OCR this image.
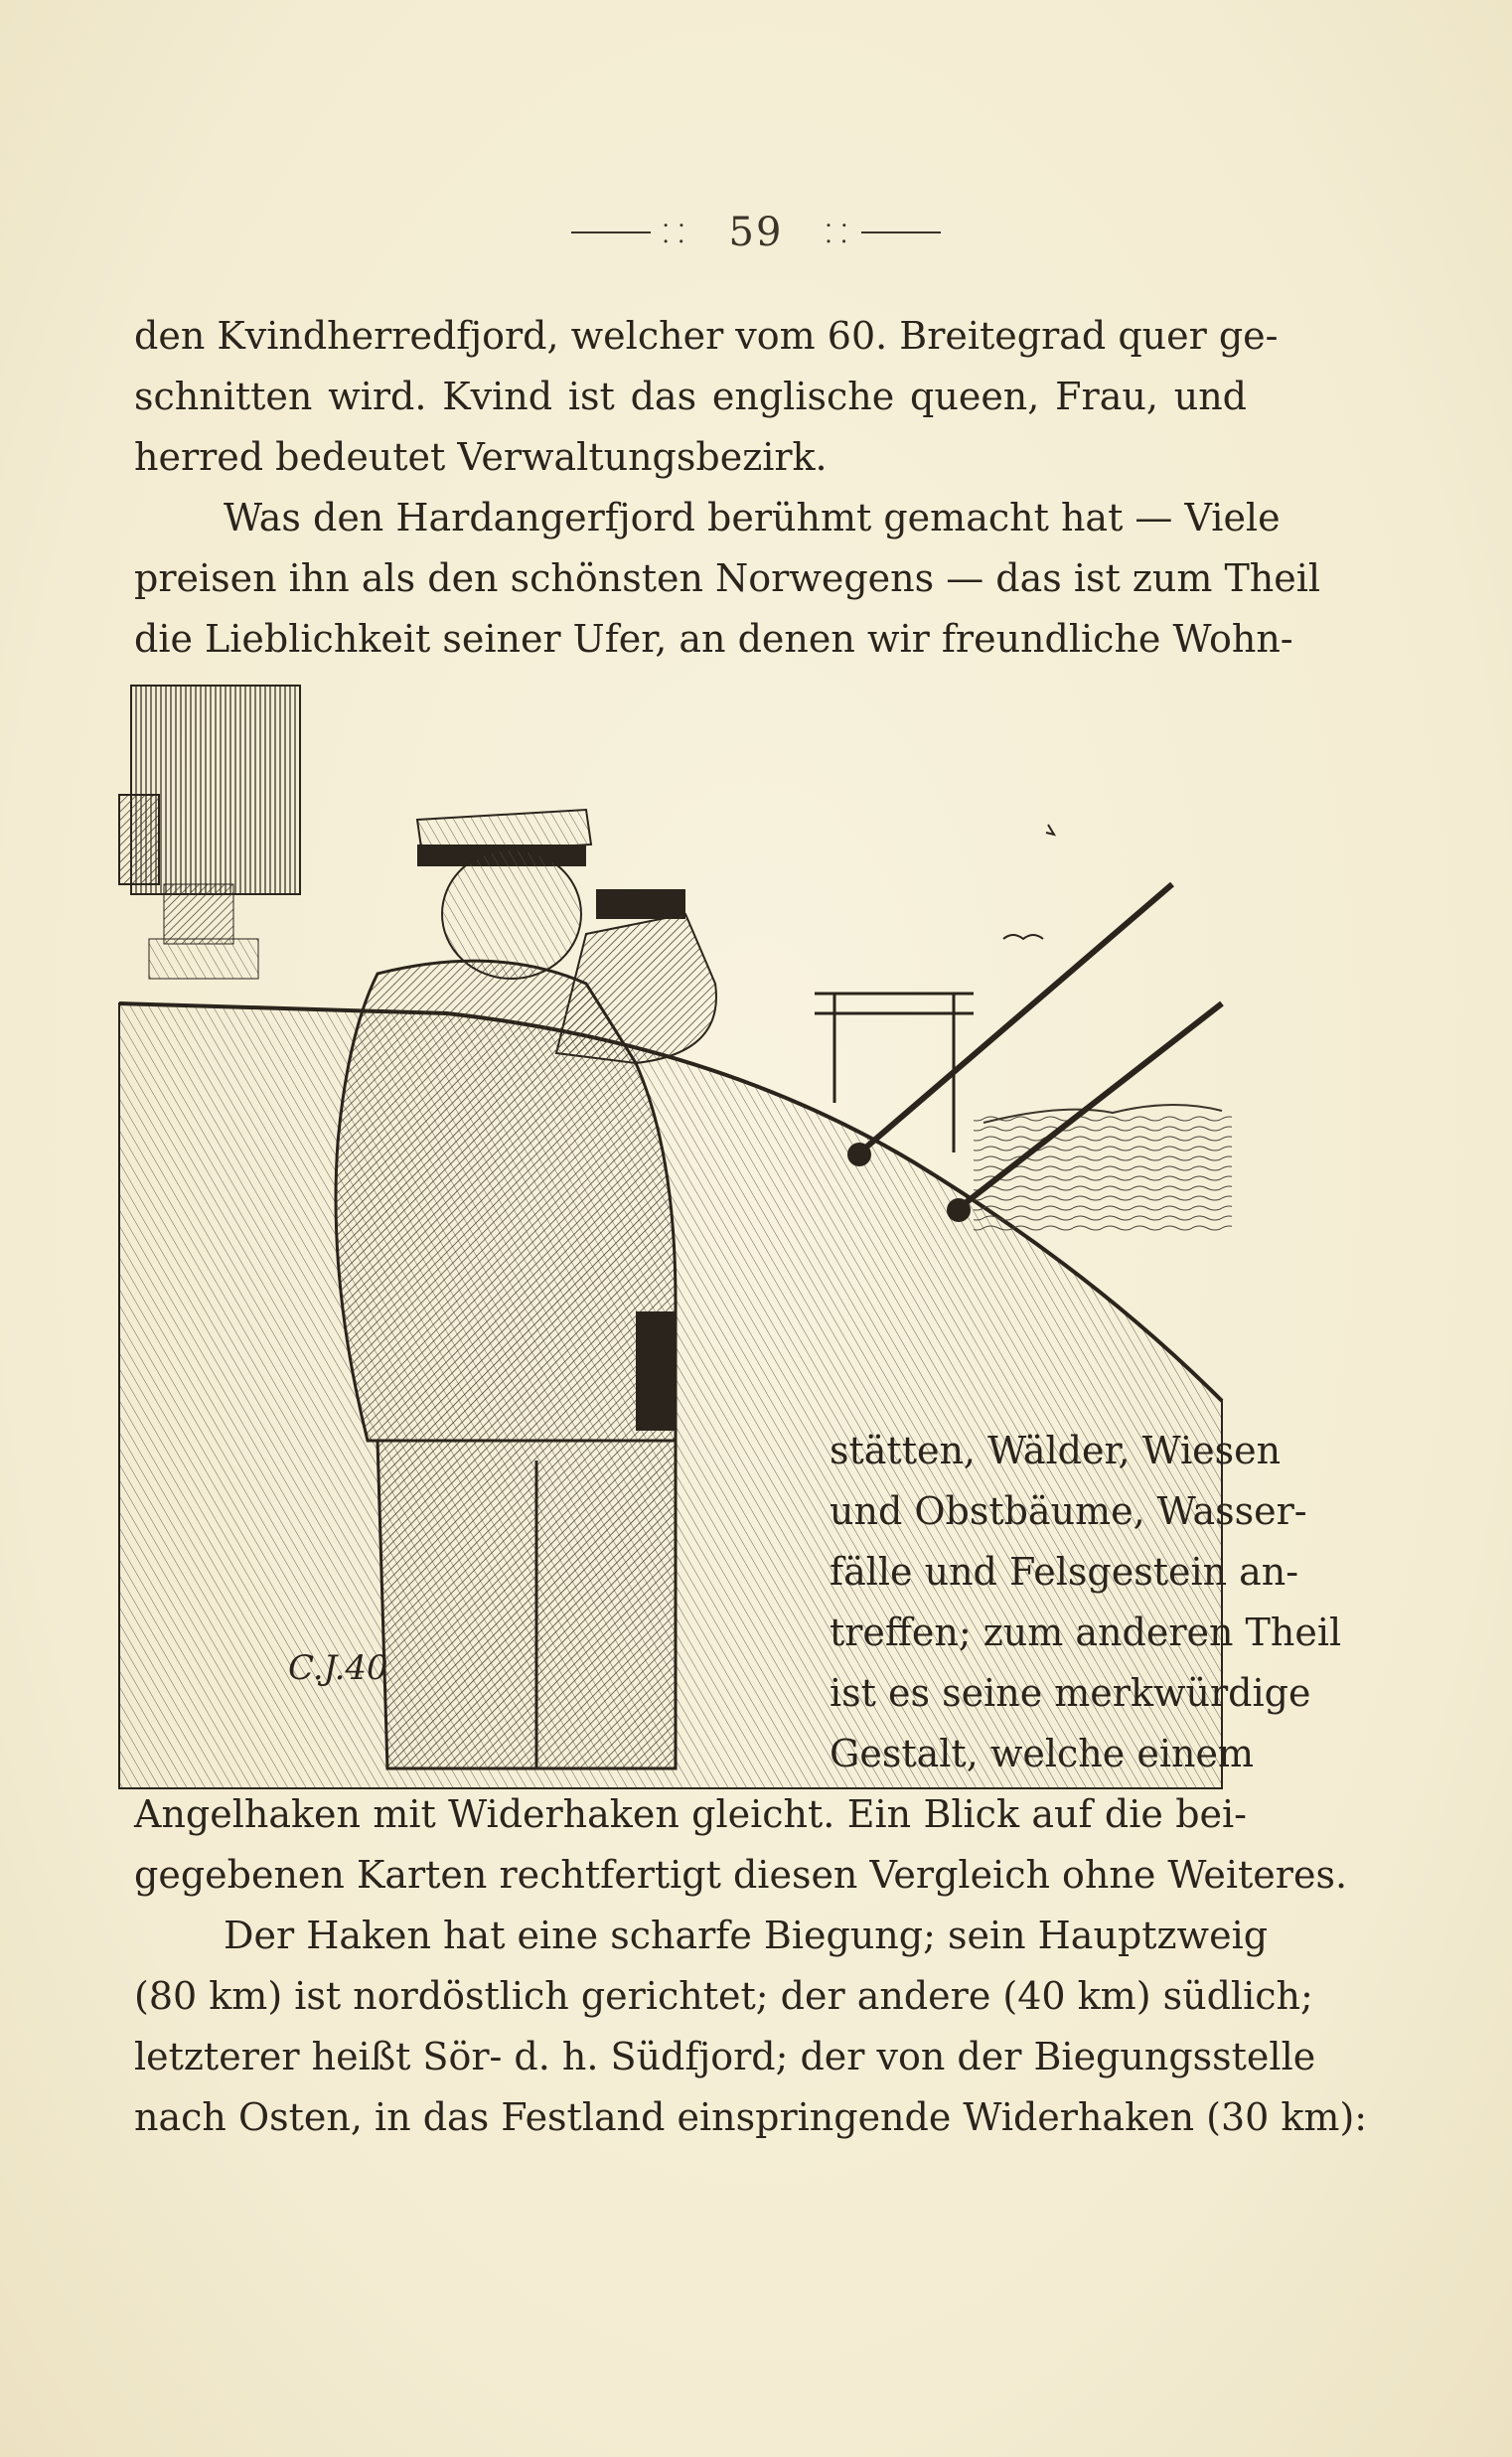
⸬ 59 ⸬
den Kvindherredfjord, welcher vom 60. Breitegrad quer ge-
schnitten wird. Kvind ist das englische queen, Frau, und
herred bedeutet Verwaltungsbezirk.
Was den Hardangerfjord berühmt gemacht hat — Viele
preisen ihn als den schönsten Norwegens — das ist zum Theil
die Lieblichkeit seiner Ufer, an denen wir freundliche Wohn-
C.J.40
stätten, Wälder, Wiesen
und Obstbäume, Wasser-
fälle und Felsgestein an-
treffen; zum anderen Theil
ist es seine merkwürdige
Gestalt, welche einem
Angelhaken mit Widerhaken gleicht. Ein Blick auf die bei-
gegebenen Karten rechtfertigt diesen Vergleich ohne Weiteres.
Der Haken hat eine scharfe Biegung; sein Hauptzweig
(80 km) ist nordöstlich gerichtet; der andere (40 km) südlich;
letzterer heißt Sör- d. h. Südfjord; der von der Biegungsstelle
nach Osten, in das Festland einspringende Widerhaken (30 km):
